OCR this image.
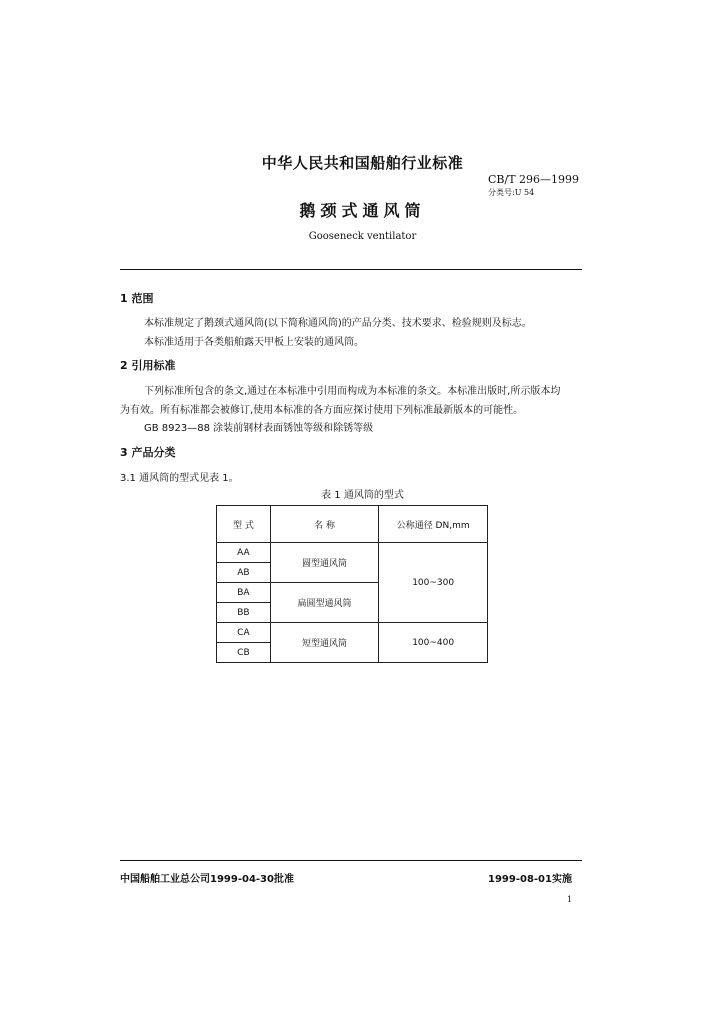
中华人民共和国船舶行业标准
CB/T 296—1999
分类号:U 54
鹅颈式通风筒
Gooseneck ventilator
1 范围
本标准规定了鹅颈式通风筒(以下简称通风筒)的产品分类、技术要求、检验规则及标志。
本标准适用于各类船舶露天甲板上安装的通风筒。
2 引用标准
下列标准所包含的条文,通过在本标准中引用而构成为本标准的条文。本标准出版时,所示版本均
为有效。所有标准都会被修订,使用本标准的各方面应探讨使用下列标准最新版本的可能性。
GB 8923—88 涂装前钢材表面锈蚀等级和除锈等级
3 产品分类
3.1 通风筒的型式见表 1。
表 1 通风筒的型式
型 式	名 称	公称通径 DN,mm
AA	圆型通风筒	100~300
AB		
BA	扁圆型通风筒	
BB		
CA	短型通风筒	100~400
CB		
中国船舶工业总公司1999-04-30批准	1999-08-01实施
1
